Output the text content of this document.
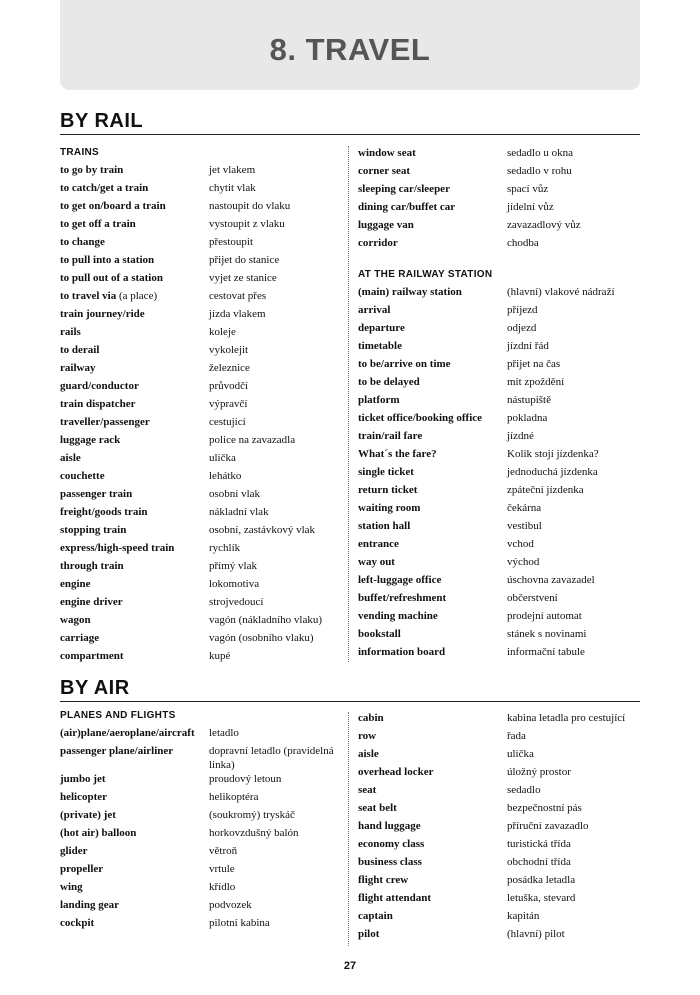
8. TRAVEL
BY RAIL
TRAINS
to go by train	jet vlakem
to catch/get a train	chytit vlak
to get on/board a train	nastoupit do vlaku
to get off a train	vystoupit z vlaku
to change	přestoupit
to pull into a station	přijet do stanice
to pull out of a station	vyjet ze stanice
to travel via (a place)	cestovat přes
train journey/ride	jízda vlakem
rails	koleje
to derail	vykolejit
railway	železnice
guard/conductor	průvodčí
train dispatcher	výpravčí
traveller/passenger	cestující
luggage rack	police na zavazadla
aisle	ulička
couchette	lehátko
passenger train	osobní vlak
freight/goods train	nákladní vlak
stopping train	osobní, zastávkový vlak
express/high-speed train	rychlík
through train	přímý vlak
engine	lokomotiva
engine driver	strojvedoucí
wagon	vagón (nákladního vlaku)
carriage	vagón (osobního vlaku)
compartment	kupé
window seat	sedadlo u okna
corner seat	sedadlo v rohu
sleeping car/sleeper	spací vůz
dining car/buffet car	jídelní vůz
luggage van	zavazadlový vůz
corridor	chodba
AT THE RAILWAY STATION
(main) railway station	(hlavní) vlakové nádraží
arrival	příjezd
departure	odjezd
timetable	jízdní řád
to be/arrive on time	přijet na čas
to be delayed	mít zpoždění
platform	nástupiště
ticket office/booking office	pokladna
train/rail fare	jízdné
What´s the fare?	Kolik stojí jízdenka?
single ticket	jednoduchá jízdenka
return ticket	zpáteční jízdenka
waiting room	čekárna
station hall	vestibul
entrance	vchod
way out	východ
left-luggage office	úschovna zavazadel
buffet/refreshment	občerstvení
vending machine	prodejní automat
bookstall	stánek s novinami
information board	informační tabule
BY AIR
PLANES AND FLIGHTS
(air)plane/aeroplane/aircraft	letadlo
passenger plane/airliner	dopravní letadlo (pravidelná linka)
jumbo jet	proudový letoun
helicopter	helikoptéra
(private) jet	(soukromý) tryskáč
(hot air) balloon	horkovzdušný balón
glider	větroň
propeller	vrtule
wing	křídlo
landing gear	podvozek
cockpit	pilotní kabina
cabin	kabina letadla pro cestující
row	řada
aisle	ulička
overhead locker	úložný prostor
seat	sedadlo
seat belt	bezpečnostní pás
hand luggage	příruční zavazadlo
economy class	turistická třída
business class	obchodní třída
flight crew	posádka letadla
flight attendant	letuška, stevard
captain	kapitán
pilot	(hlavní) pilot
27
